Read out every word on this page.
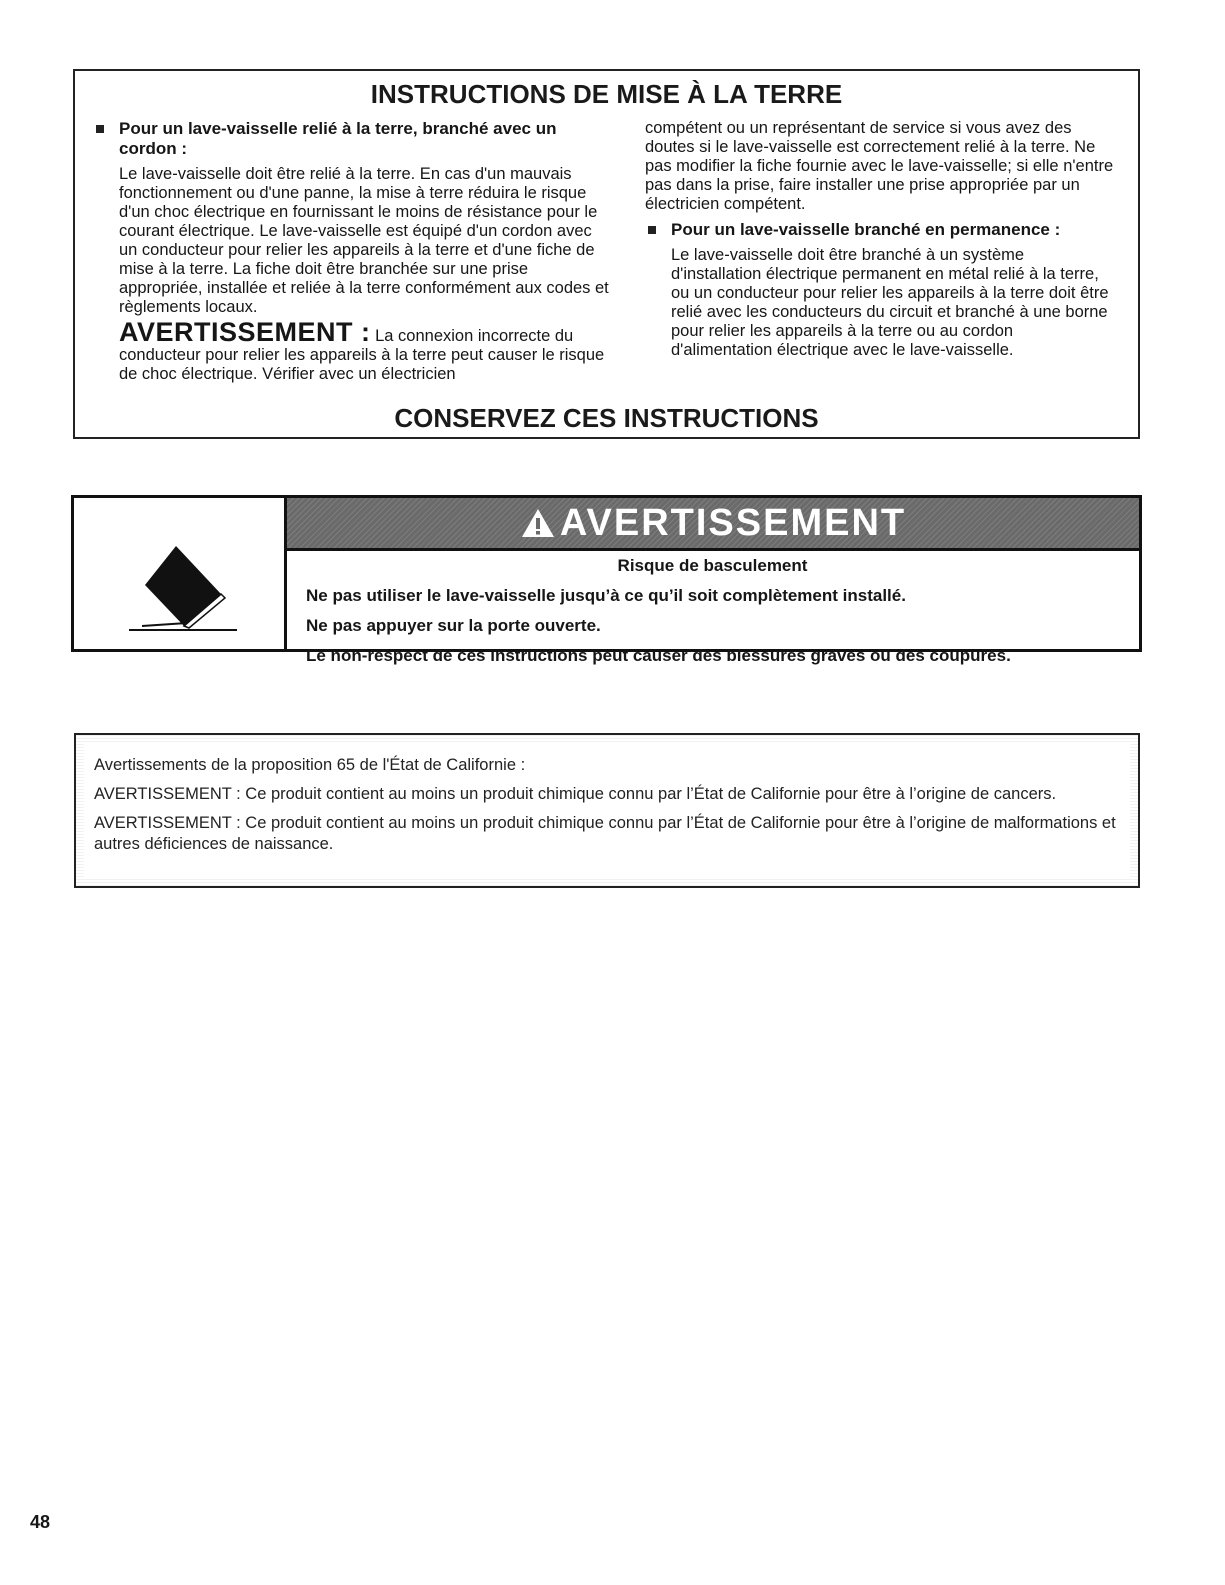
INSTRUCTIONS DE MISE À LA TERRE
Pour un lave-vaisselle relié à la terre, branché avec un cordon :
Le lave-vaisselle doit être relié à la terre. En cas d'un mauvais fonctionnement ou d'une panne, la mise à terre réduira le risque d'un choc électrique en fournissant le moins de résistance pour le courant électrique. Le lave-vaisselle est équipé d'un cordon avec un conducteur pour relier les appareils à la terre et d'une fiche de mise à la terre. La fiche doit être branchée sur une prise appropriée, installée et reliée à la terre conformément aux codes et règlements locaux.
AVERTISSEMENT : La connexion incorrecte du conducteur pour relier les appareils à la terre peut causer le risque de choc électrique. Vérifier avec un électricien
compétent ou un représentant de service si vous avez des doutes si le lave-vaisselle est correctement relié à la terre. Ne pas modifier la fiche fournie avec le lave-vaisselle; si elle n'entre pas dans la prise, faire installer une prise appropriée par un électricien compétent.
Pour un lave-vaisselle branché en permanence :
Le lave-vaisselle doit être branché à un système d'installation électrique permanent en métal relié à la terre, ou un conducteur pour relier les appareils à la terre doit être relié avec les conducteurs du circuit et branché à une borne pour relier les appareils à la terre ou au cordon d'alimentation électrique avec le lave-vaisselle.
CONSERVEZ CES INSTRUCTIONS
AVERTISSEMENT
Risque de basculement
Ne pas utiliser le lave-vaisselle jusqu’à ce qu’il soit complètement installé.
Ne pas appuyer sur la porte ouverte.
Le non-respect de ces instructions peut causer des blessures graves ou des coupures.
Avertissements de la proposition 65 de l'État de Californie :
AVERTISSEMENT : Ce produit contient au moins un produit chimique connu par l’État de Californie pour être à l’origine de cancers.
AVERTISSEMENT : Ce produit contient au moins un produit chimique connu par l’État de Californie pour être à l’origine de malformations et autres déficiences de naissance.
48
